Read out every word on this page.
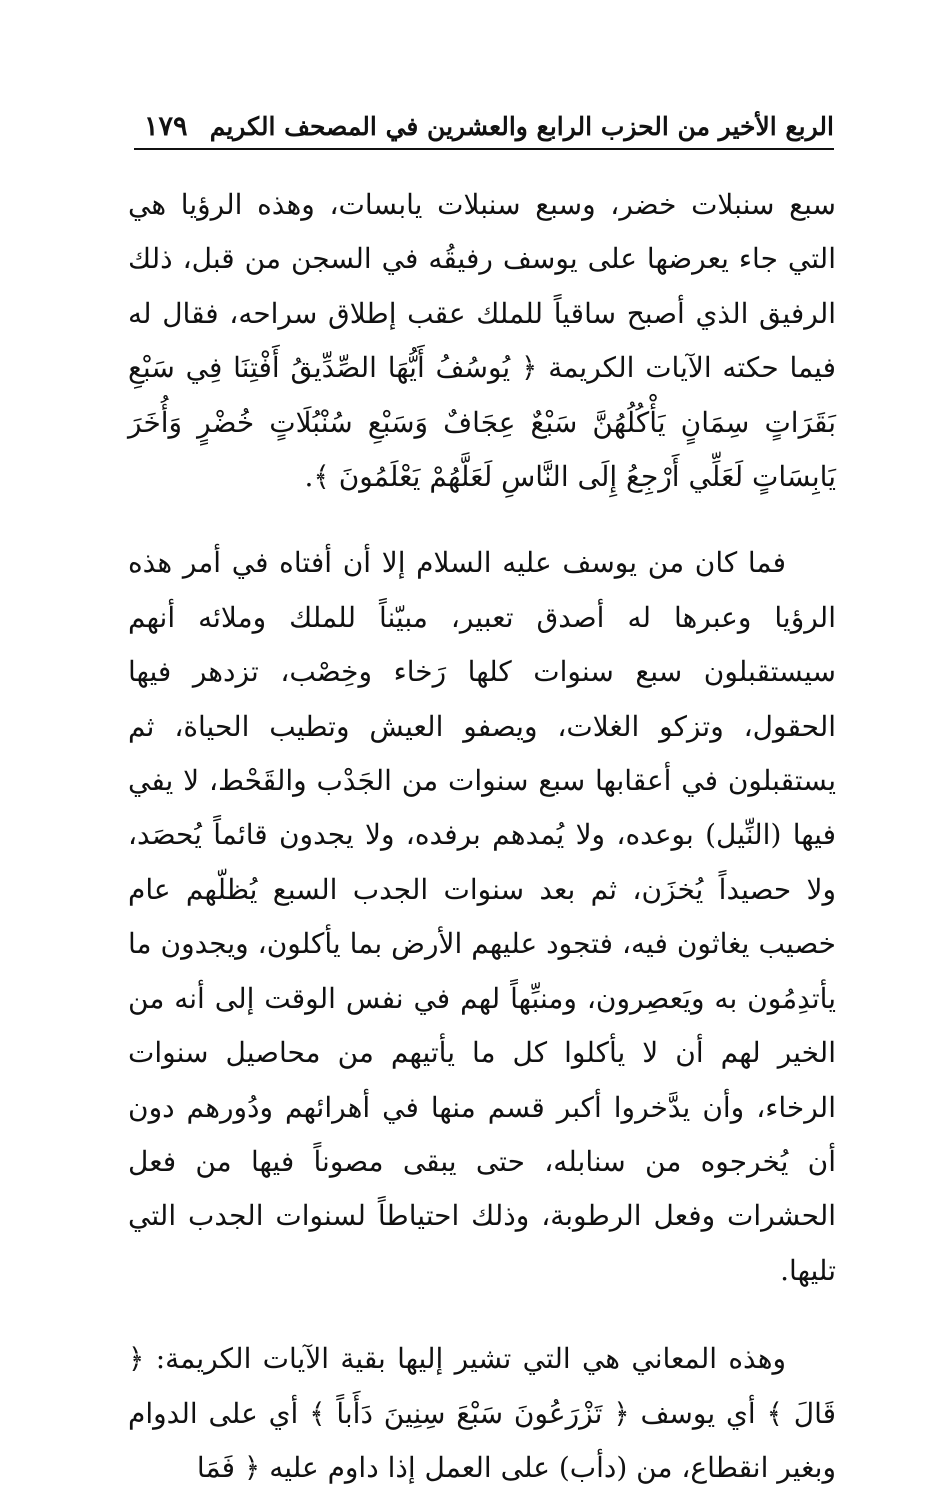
الربع الأخير من الحزب الرابع والعشرين في المصحف الكريم
١٧٩

سبع سنبلات خضر، وسبع سنبلات يابسات، وهذه الرؤيا هي التي جاء يعرضها على يوسف رفيقُه في السجن من قبل، ذلك الرفيق الذي أصبح ساقياً للملك عقب إطلاق سراحه، فقال له فيما حكته الآيات الكريمة ﴿ يُوسُفُ أَيُّهَا الصِّدِّيقُ أَفْتِنَا فِي سَبْعِ بَقَرَاتٍ سِمَانٍ يَأْكُلُهُنَّ سَبْعٌ عِجَافٌ وَسَبْعِ سُنْبُلَاتٍ خُضْرٍ وَأُخَرَ يَابِسَاتٍ لَعَلِّي أَرْجِعُ إِلَى النَّاسِ لَعَلَّهُمْ يَعْلَمُونَ ﴾.

فما كان من يوسف عليه السلام إلا أن أفتاه في أمر هذه الرؤيا وعبرها له أصدق تعبير، مبيّناً للملك وملائه أنهم سيستقبلون سبع سنوات كلها رَخاء وخِصْب، تزدهر فيها الحقول، وتزكو الغلات، ويصفو العيش وتطيب الحياة، ثم يستقبلون في أعقابها سبع سنوات من الجَدْب والقَحْط، لا يفي فيها (النِّيل) بوعده، ولا يُمدهم برفده، ولا يجدون قائماً يُحصَد، ولا حصيداً يُخزَن، ثم بعد سنوات الجدب السبع يُظلّهم عام خصيب يغاثون فيه، فتجود عليهم الأرض بما يأكلون، ويجدون ما يأتدِمُون به ويَعصِرون، ومنبِّهاً لهم في نفس الوقت إلى أنه من الخير لهم أن لا يأكلوا كل ما يأتيهم من محاصيل سنوات الرخاء، وأن يدَّخروا أكبر قسم منها في أهرائهم ودُورهم دون أن يُخرجوه من سنابله، حتى يبقى مصوناً فيها من فعل الحشرات وفعل الرطوبة، وذلك احتياطاً لسنوات الجدب التي تليها.

وهذه المعاني هي التي تشير إليها بقية الآيات الكريمة: ﴿ قَالَ ﴾ أي يوسف ﴿ تَزْرَعُونَ سَبْعَ سِنِينَ دَأَباً ﴾ أي على الدوام وبغير انقطاع، من (دأب) على العمل إذا داوم عليه ﴿ فَمَا
